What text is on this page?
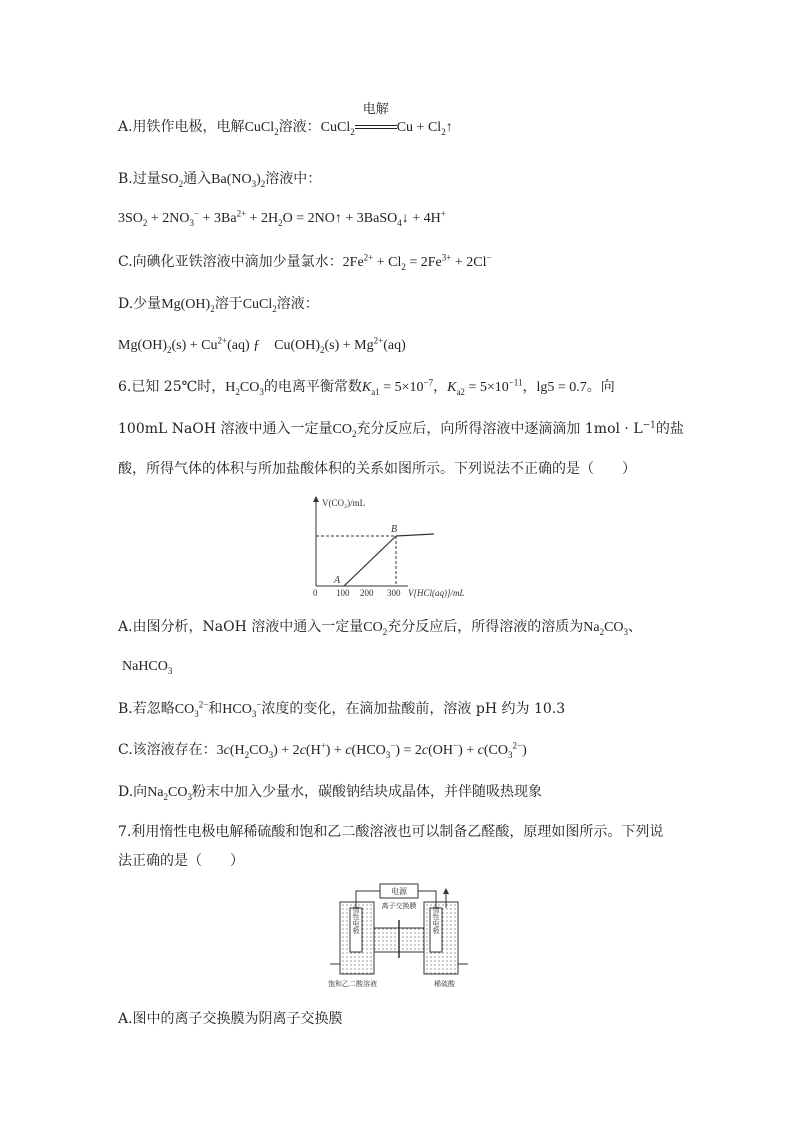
A.用铁作电极，电解CuCl$_2$溶液：CuCl$_2$
电解
$Cu + Cl_2↑$
B.过量$SO_2$通入$Ba(NO_3)_2$溶液中：
$3SO_2 + 2NO_3^- + 3Ba^{2+} + 2H_2O$ = 2NO↑ + 3BaSO$_4$↓ + 4H+
C.向碘化亚铁溶液中滴加少量氯水：$2Fe^{2+} + Cl_2 = 2Fe^{3+} + 2Cl^-$
D.少量$Mg(OH)_2$溶于CuCl$_2$溶液：
$Mg(OH)_2(s) + Cu^{2+}(aq)$ ƒ　$Cu(OH)_2(s) + Mg^{2+}(aq)$
6.已知 25℃时，$H_2CO_3$的电离平衡常数$K_{a1} = 5\times 10^{-7}$，$K_{a2} = 5\times 10^{-11}$，lg5 = 0.7。向
100mL NaOH 溶液中通入一定量$CO_2$充分反应后，向所得溶液中逐滴滴加 $1mol \cdot L^{-1}$的盐
酸，所得气体的体积与所加盐酸体积的关系如图所示。下列说法不正确的是（　　）
V(CO₂)/mL
A
B
0 100 200 300 V[HCl(aq)]/mL
A.由图分析，NaOH 溶液中通入一定量$CO_2$充分反应后，所得溶液的溶质为$Na_2CO_3$、
NaHCO$_3$
B.若忽略$CO_3^{2-}$和$HCO_3^-$浓度的变化，在滴加盐酸前，溶液 pH 约为 10.3
C.该溶液存在：$3c(H_2CO_3) + 2c(H^+) + c(HCO_3^-) = 2c(OH^-) + c(CO_3^{2-})$
D.向$Na_2CO_3$粉末中加入少量水，碳酸钠结块成晶体，并伴随吸热现象
7.利用惰性电极电解稀硫酸和饱和乙二酸溶液也可以制备乙醛酸，原理如图所示。下列说
法正确的是（　　）
电源
惰性电极	惰性电极
离子交换膜
饱和乙二酸溶液	稀硫酸
A.图中的离子交换膜为阴离子交换膜
